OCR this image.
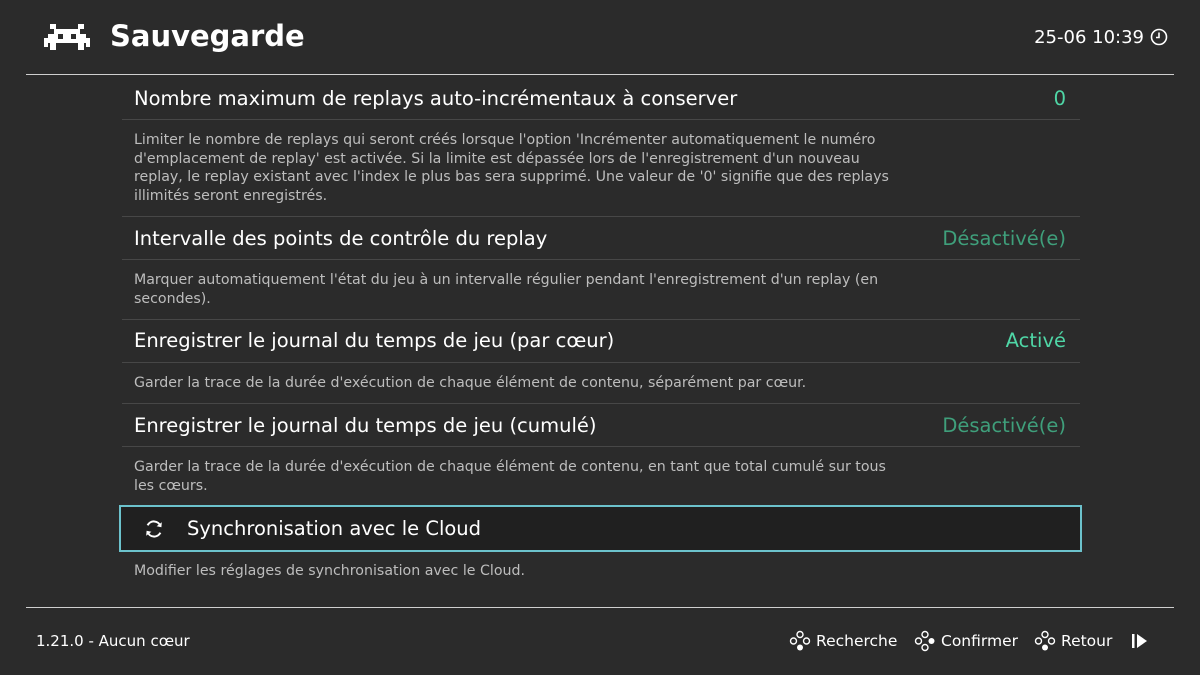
Sauvegarde	25-06 10:39
Nombre maximum de replays auto-incrémentaux à conserver	0
Limiter le nombre de replays qui seront créés lorsque l'option 'Incrémenter automatiquement le numéro d'emplacement de replay' est activée. Si la limite est dépassée lors de l'enregistrement d'un nouveau replay, le replay existant avec l'index le plus bas sera supprimé. Une valeur de '0' signifie que des replays illimités seront enregistrés.
Intervalle des points de contrôle du replay	Désactivé(e)
Marquer automatiquement l'état du jeu à un intervalle régulier pendant l'enregistrement d'un replay (en secondes).
Enregistrer le journal du temps de jeu (par cœur)	Activé
Garder la trace de la durée d'exécution de chaque élément de contenu, séparément par cœur.
Enregistrer le journal du temps de jeu (cumulé)	Désactivé(e)
Garder la trace de la durée d'exécution de chaque élément de contenu, en tant que total cumulé sur tous les cœurs.
Synchronisation avec le Cloud
Modifier les réglages de synchronisation avec le Cloud.
1.21.0 - Aucun cœur	Recherche	Confirmer	Retour
